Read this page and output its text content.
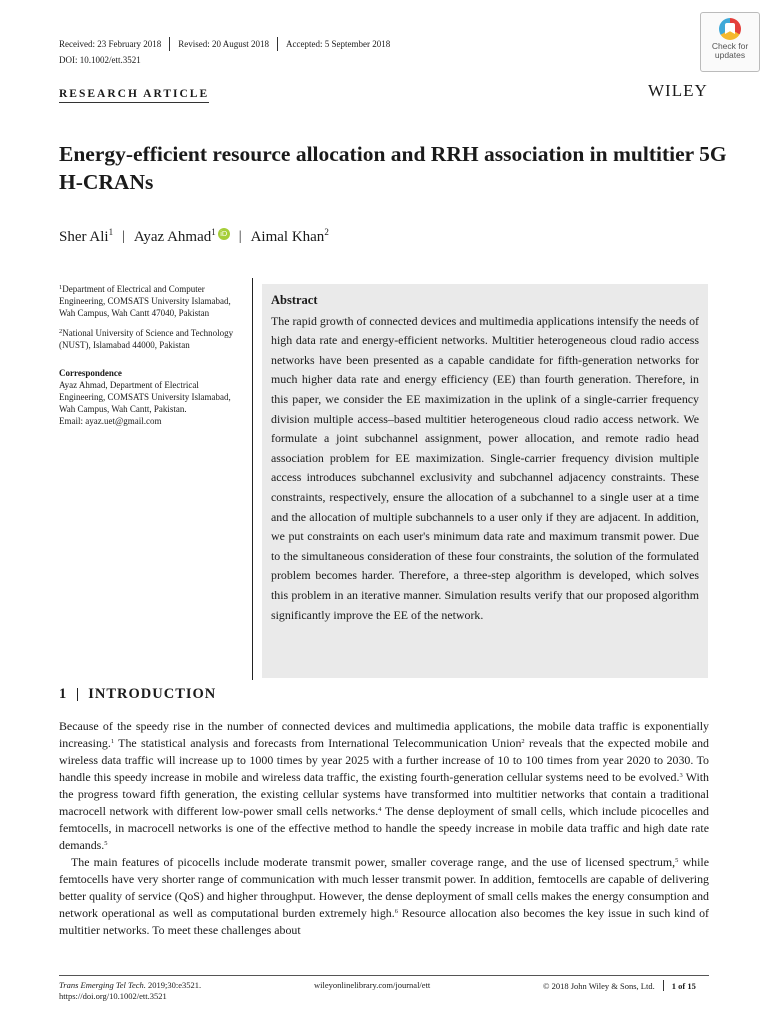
Received: 23 February 2018 Revised: 20 August 2018 Accepted: 5 September 2018
DOI: 10.1002/ett.3521
Check for
updates
RESEARCH ARTICLE	WILEY
Energy-efficient resource allocation and RRH association in multitier 5G H-CRANs
Sher Ali$^1$ | Ayaz Ahmad$^1$ iD | Aimal Khan$^2$

$^1$Department of Electrical and Computer Engineering, COMSATS University Islamabad, Wah Campus, Wah Cantt 47040, Pakistan

$^2$National University of Science and Technology (NUST), Islamabad 44000, Pakistan

Correspondence

Ayaz Ahmad, Department of Electrical Engineering, COMSATS University Islamabad, Wah Campus, Wah Cantt, Pakistan.

Email: ayaz.uet@gmail.com

Abstract
The rapid growth of connected devices and multimedia applications intensify the needs of high data rate and energy-efficient networks. Multitier heterogeneous cloud radio access networks have been presented as a capable candidate for fifth-generation networks for much higher data rate and energy efficiency (EE) than fourth generation. Therefore, in this paper, we consider the EE maximization in the uplink of a single-carrier frequency division multiple access–based multitier heterogeneous cloud radio access network. We formulate a joint subchannel assignment, power allocation, and remote radio head association problem for EE maximization. Single-carrier frequency division multiple access introduces subchannel exclusivity and subchannel adjacency constraints. These constraints, respectively, ensure the allocation of a subchannel to a single user at a time and the allocation of multiple subchannels to a user only if they are adjacent. In addition, we put constraints on each user's minimum data rate and maximum transmit power. Due to the simultaneous consideration of these four constraints, the solution of the formulated problem becomes harder. Therefore, a three-step algorithm is developed, which solves this problem in an iterative manner. Simulation results verify that our proposed algorithm significantly improve the EE of the network.
1 INTRODUCTION

Because of the speedy rise in the number of connected devices and multimedia applications, the mobile data traffic is exponentially increasing.$^1$ The statistical analysis and forecasts from International Telecommunication Union$^2$ reveals that the expected mobile and wireless data traffic will increase up to 1000 times by year 2025 with a further increase of 10 to 100 times from year 2020 to 2030. To handle this speedy increase in mobile and wireless data traffic, the existing fourth-generation cellular systems need to be evolved.$^3$ With the progress toward fifth generation, the existing cellular systems have transformed into multitier networks that contain a traditional macrocell network with different low-power small cells networks.$^4$ The dense deployment of small cells, which include picocelles and femtocells, in macrocell networks is one of the effective method to handle the speedy increase in mobile data traffic and high date rate demands.$^5$

The main features of picocells include moderate transmit power, smaller coverage range, and the use of licensed spectrum,$^5$ while femtocells have very shorter range of communication with much lesser transmit power. In addition, femtocells are capable of delivering better quality of service (QoS) and higher throughput. However, the dense deployment of small cells makes the energy consumption and network operational as well as computational burden extremely high.$^6$ Resource allocation also becomes the key issue in such kind of multitier networks. To meet these challenges about

Trans Emerging Tel Tech. 2019;30:e3521.
https://doi.org/10.1002/ett.3521
wileyonlinelibrary.com/journal/ett	© 2018 John Wiley & Sons, Ltd. 1 of 15
